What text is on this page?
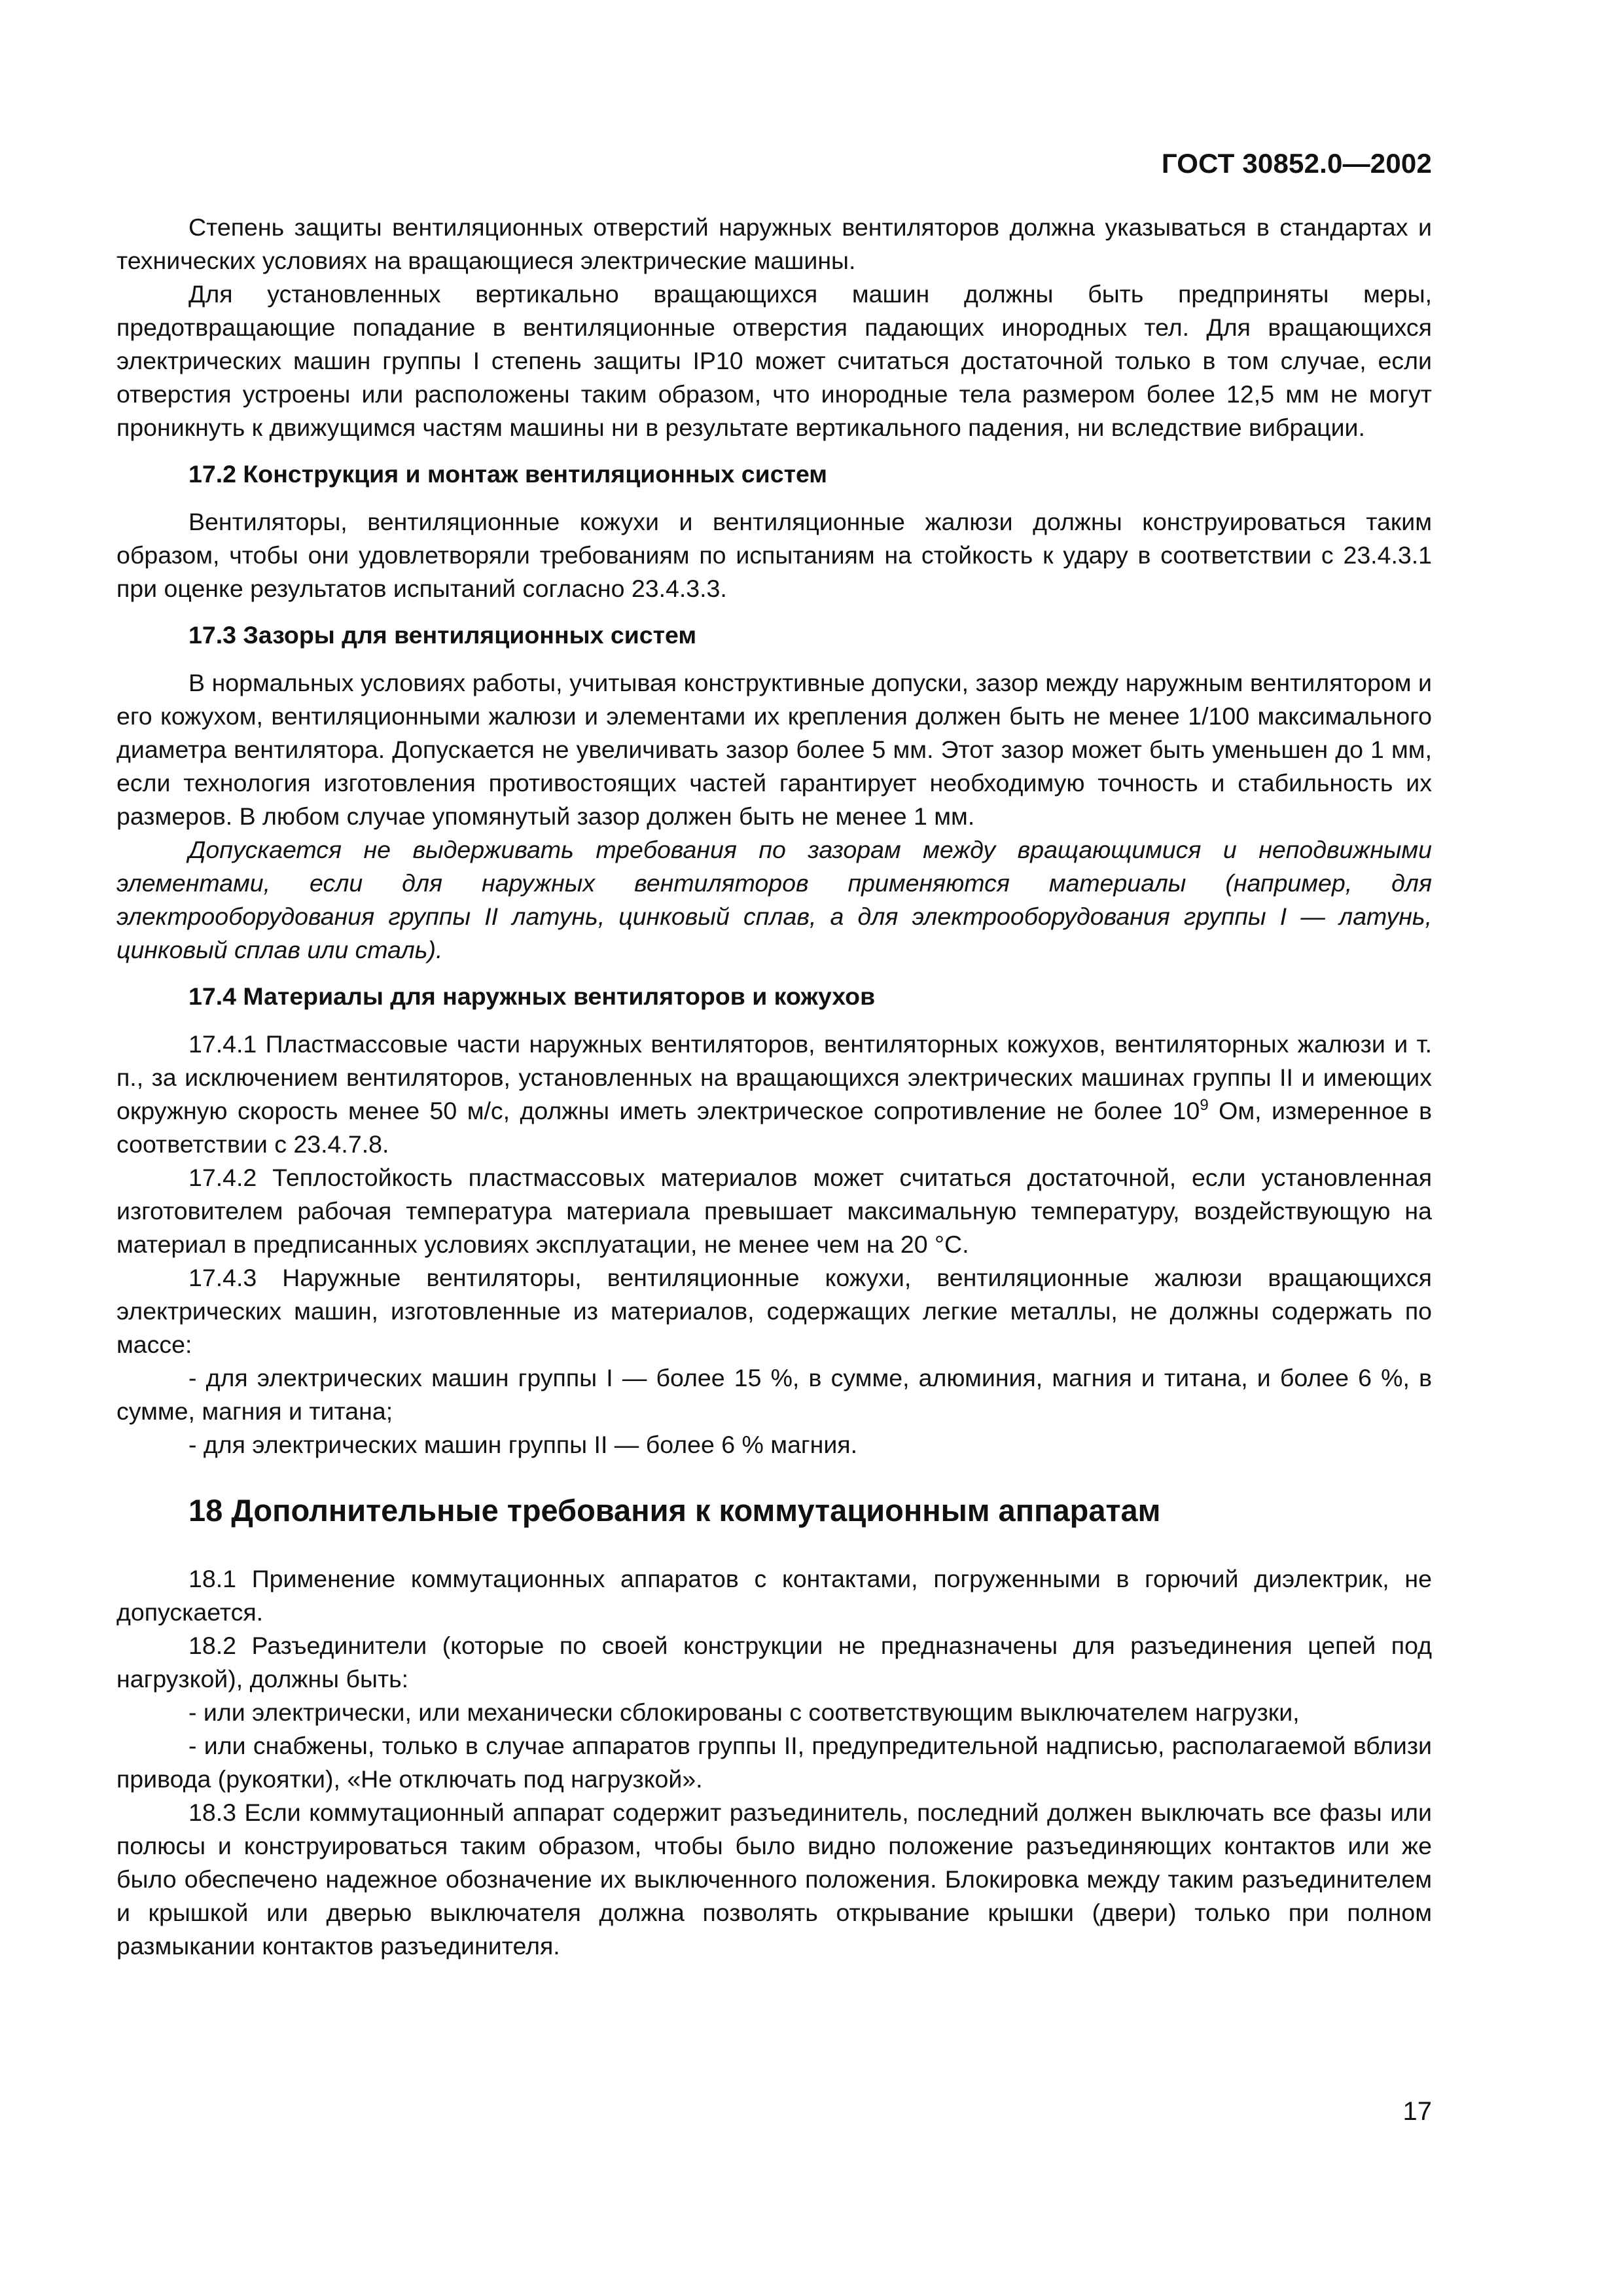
ГОСТ 30852.0—2002

Степень защиты вентиляционных отверстий наружных вентиляторов должна указываться в стандартах и технических условиях на вращающиеся электрические машины.

Для установленных вертикально вращающихся машин должны быть предприняты меры, предотвращающие попадание в вентиляционные отверстия падающих инородных тел. Для вращающихся электрических машин группы I степень защиты IP10 может считаться достаточной только в том случае, если отверстия устроены или расположены таким образом, что инородные тела размером более 12,5 мм не могут проникнуть к движущимся частям машины ни в результате вертикального падения, ни вследствие вибрации.

17.2 Конструкция и монтаж вентиляционных систем

Вентиляторы, вентиляционные кожухи и вентиляционные жалюзи должны конструироваться таким образом, чтобы они удовлетворяли требованиям по испытаниям на стойкость к удару в соответствии с 23.4.3.1 при оценке результатов испытаний согласно 23.4.3.3.

17.3 Зазоры для вентиляционных систем

В нормальных условиях работы, учитывая конструктивные допуски, зазор между наружным вентилятором и его кожухом, вентиляционными жалюзи и элементами их крепления должен быть не менее 1/100 максимального диаметра вентилятора. Допускается не увеличивать зазор более 5 мм. Этот зазор может быть уменьшен до 1 мм, если технология изготовления противостоящих частей гарантирует необходимую точность и стабильность их размеров. В любом случае упомянутый зазор должен быть не менее 1 мм.

Допускается не выдерживать требования по зазорам между вращающимися и неподвижными элементами, если для наружных вентиляторов применяются материалы (например, для электрооборудования группы II латунь, цинковый сплав, а для электрооборудования группы I — латунь, цинковый сплав или сталь).

17.4 Материалы для наружных вентиляторов и кожухов

17.4.1 Пластмассовые части наружных вентиляторов, вентиляторных кожухов, вентиляторных жалюзи и т. п., за исключением вентиляторов, установленных на вращающихся электрических машинах группы II и имеющих окружную скорость менее 50 м/с, должны иметь электрическое сопротивление не более $10^9$ Ом, измеренное в соответствии с 23.4.7.8.

17.4.2 Теплостойкость пластмассовых материалов может считаться достаточной, если установленная изготовителем рабочая температура материала превышает максимальную температуру, воздействующую на материал в предписанных условиях эксплуатации, не менее чем на 20 °С.

17.4.3 Наружные вентиляторы, вентиляционные кожухи, вентиляционные жалюзи вращающихся электрических машин, изготовленные из материалов, содержащих легкие металлы, не должны содержать по массе:

- для электрических машин группы I — более 15 %, в сумме, алюминия, магния и титана, и более 6 %, в сумме, магния и титана;

- для электрических машин группы II — более 6 % магния.

18 Дополнительные требования к коммутационным аппаратам

18.1 Применение коммутационных аппаратов с контактами, погруженными в горючий диэлектрик, не допускается.

18.2 Разъединители (которые по своей конструкции не предназначены для разъединения цепей под нагрузкой), должны быть:

- или электрически, или механически сблокированы с соответствующим выключателем нагрузки,

- или снабжены, только в случае аппаратов группы II, предупредительной надписью, располагаемой вблизи привода (рукоятки), «Не отключать под нагрузкой».

18.3 Если коммутационный аппарат содержит разъединитель, последний должен выключать все фазы или полюсы и конструироваться таким образом, чтобы было видно положение разъединяющих контактов или же было обеспечено надежное обозначение их выключенного положения. Блокировка между таким разъединителем и крышкой или дверью выключателя должна позволять открывание крышки (двери) только при полном размыкании контактов разъединителя.

17
